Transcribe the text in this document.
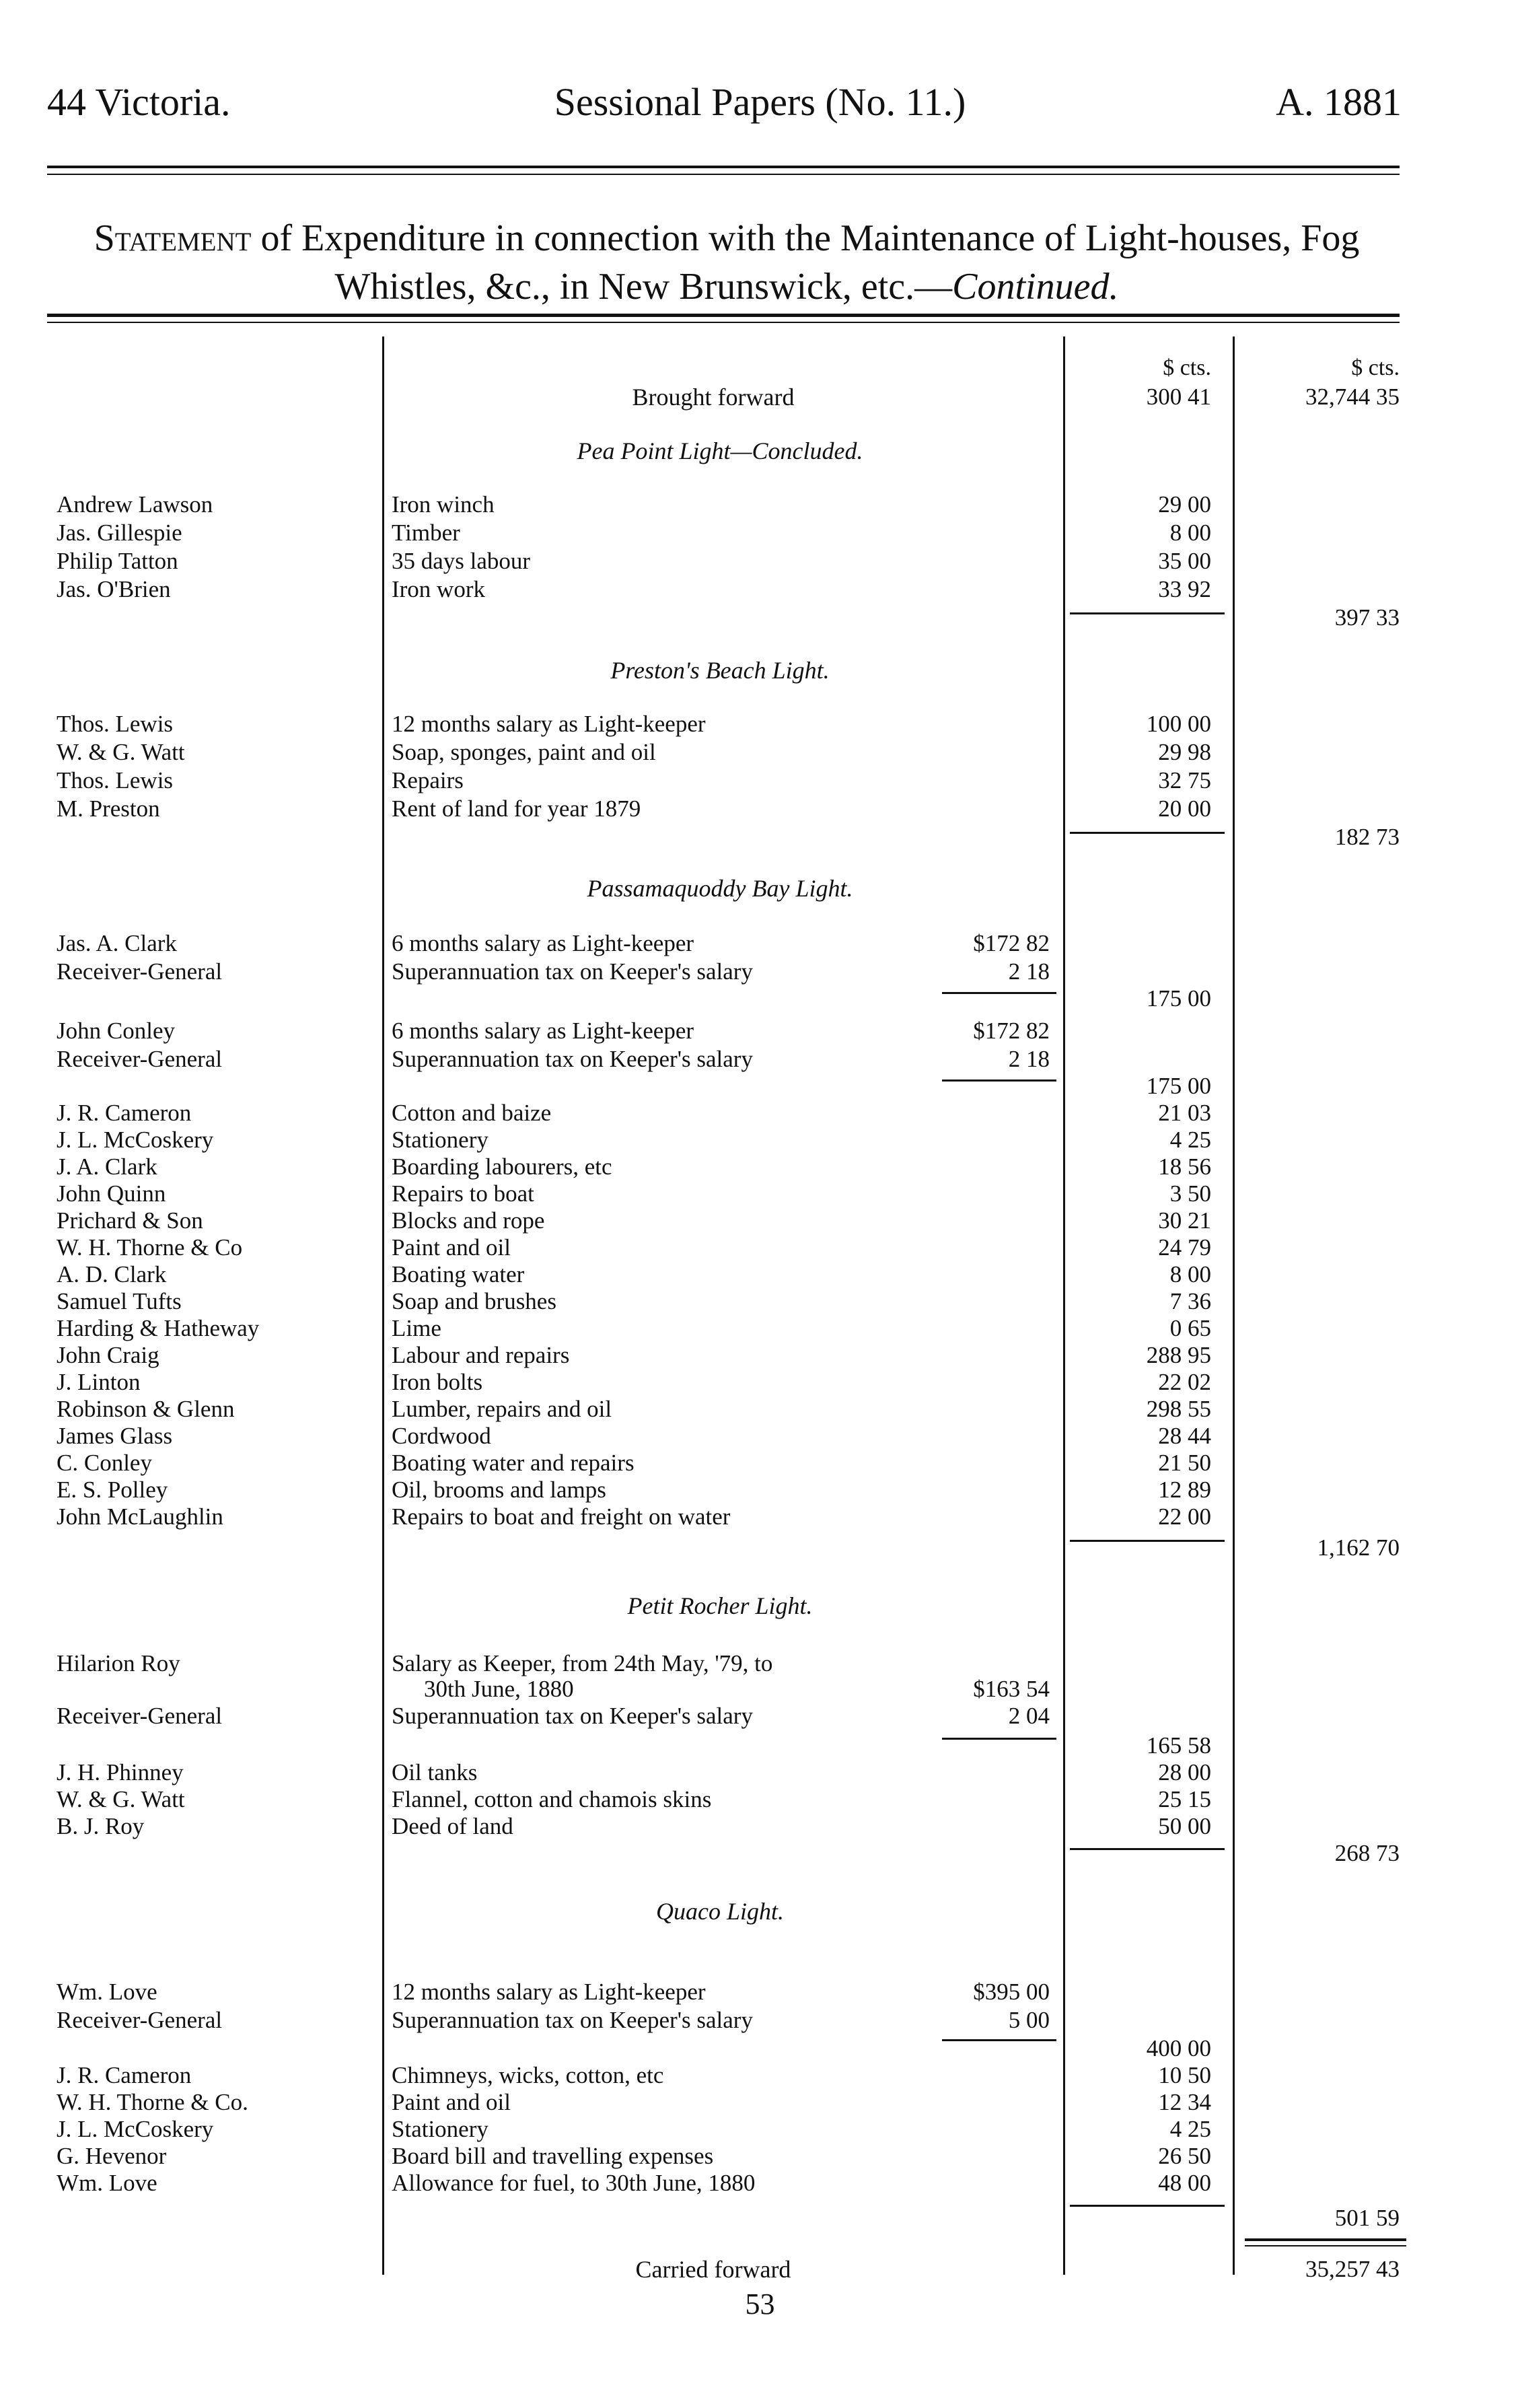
44 Victoria.	Sessional Papers (No. 11.)	A. 1881
Statement of Expenditure in connection with the Maintenance of Light-houses, Fog Whistles, &c., in New Brunswick, etc.—Continued.
$ cts.	$ cts.
Brought forward	300 41	32,744 35
Pea Point Light—Concluded.
Andrew Lawson	Iron winch	29 00
Jas. Gillespie	Timber	8 00
Philip Tatton	35 days labour	35 00
Jas. O'Brien	Iron work	33 92
397 33
Preston's Beach Light.
Thos. Lewis	12 months salary as Light-keeper	100 00
W. & G. Watt	Soap, sponges, paint and oil	29 98
Thos. Lewis	Repairs	32 75
M. Preston	Rent of land for year 1879	20 00
182 73
Passamaquoddy Bay Light.
Jas. A. Clark	6 months salary as Light-keeper	$172 82
Receiver-General	Superannuation tax on Keeper's salary	2 18
175 00
John Conley	6 months salary as Light-keeper	$172 82
Receiver-General	Superannuation tax on Keeper's salary	2 18
175 00
J. R. Cameron	Cotton and baize	21 03
J. L. McCoskery	Stationery	4 25
J. A. Clark	Boarding labourers, etc	18 56
John Quinn	Repairs to boat	3 50
Prichard & Son	Blocks and rope	30 21
W. H. Thorne & Co	Paint and oil	24 79
A. D. Clark	Boating water	8 00
Samuel Tufts	Soap and brushes	7 36
Harding & Hatheway	Lime	0 65
John Craig	Labour and repairs	288 95
J. Linton	Iron bolts	22 02
Robinson & Glenn	Lumber, repairs and oil	298 55
James Glass	Cordwood	28 44
C. Conley	Boating water and repairs	21 50
E. S. Polley	Oil, brooms and lamps	12 89
John McLaughlin	Repairs to boat and freight on water	22 00
1,162 70
Petit Rocher Light.
Hilarion Roy	Salary as Keeper, from 24th May, '79, to
30th June, 1880	$163 54
Receiver-General	Superannuation tax on Keeper's salary	2 04
165 58
J. H. Phinney	Oil tanks	28 00
W. & G. Watt	Flannel, cotton and chamois skins	25 15
B. J. Roy	Deed of land	50 00
268 73
Quaco Light.
Wm. Love	12 months salary as Light-keeper	$395 00
Receiver-General	Superannuation tax on Keeper's salary	5 00
400 00
J. R. Cameron	Chimneys, wicks, cotton, etc	10 50
W. H. Thorne & Co.	Paint and oil	12 34
J. L. McCoskery	Stationery	4 25
G. Hevenor	Board bill and travelling expenses	26 50
Wm. Love	Allowance for fuel, to 30th June, 1880	48 00
501 59
Carried forward	35,257 43
53
